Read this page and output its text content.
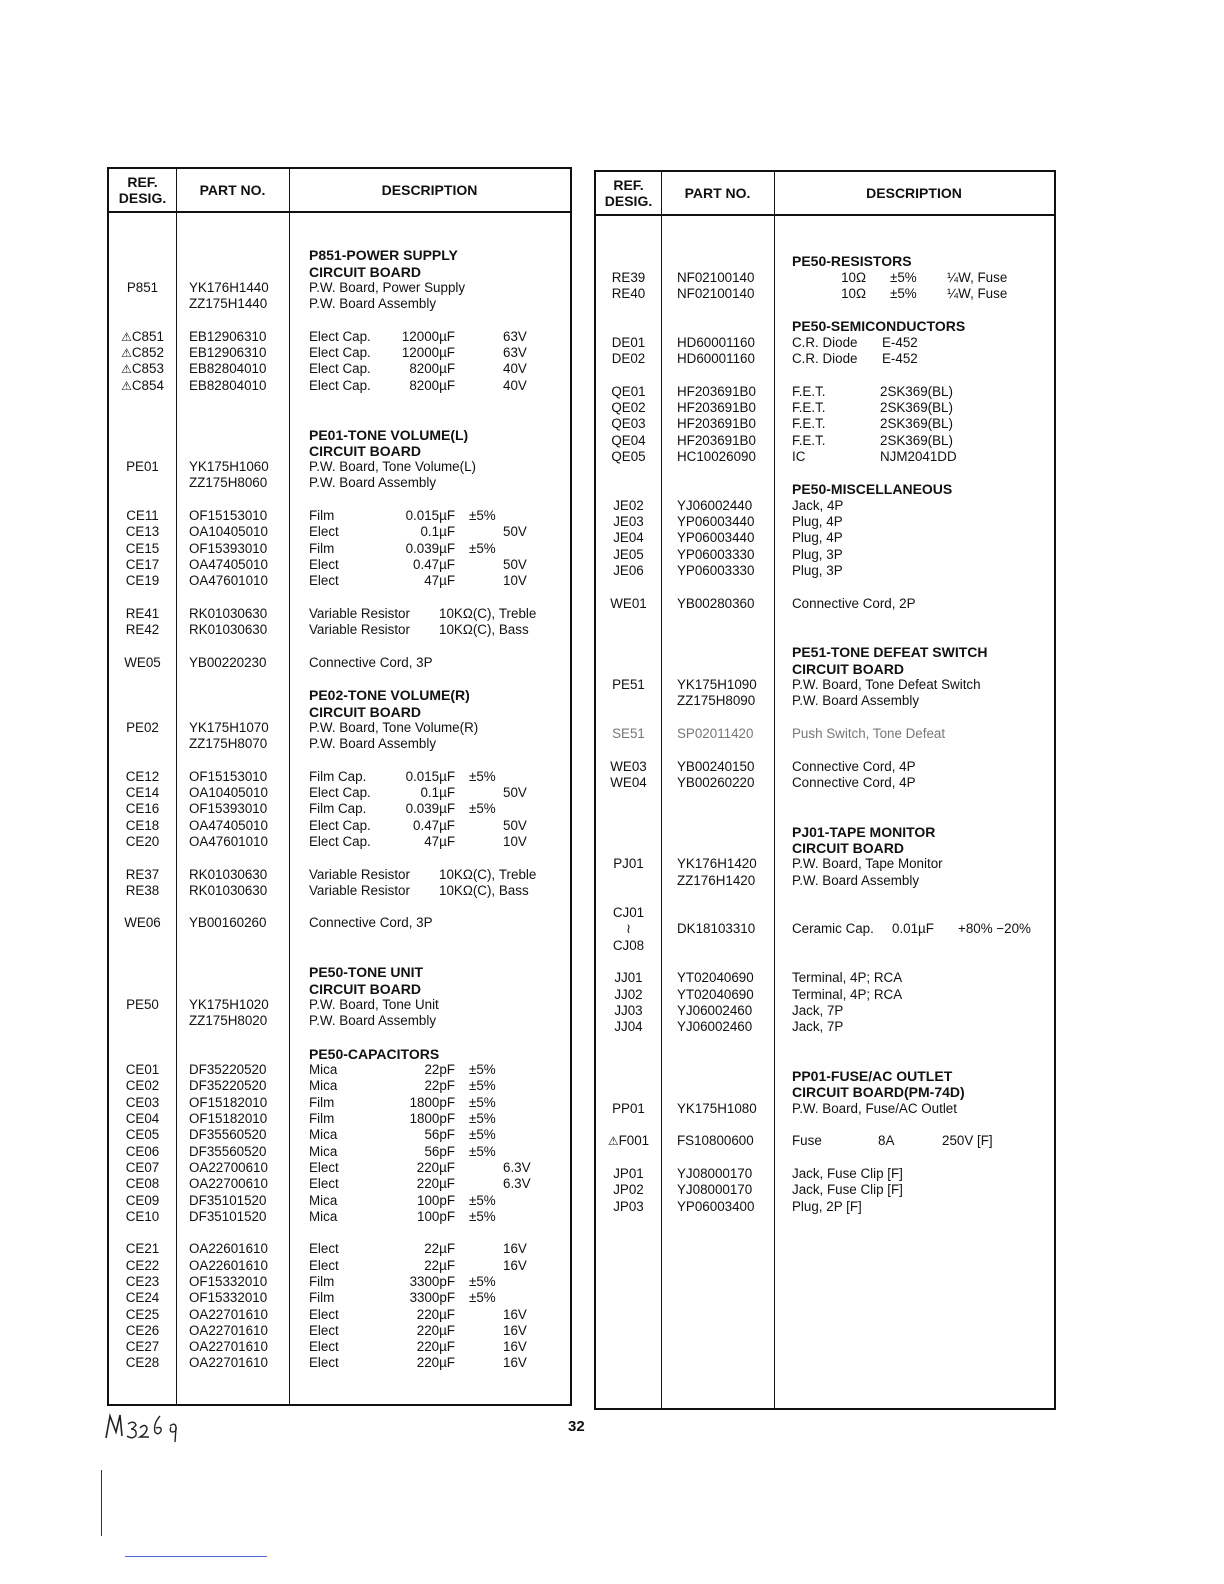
REF.
DESIG.	PART NO.	DESCRIPTION
P851-POWER SUPPLY
CIRCUIT BOARD
P851	YK176H1440	P.W. Board, Power Supply
ZZ175H1440	P.W. Board Assembly
⚠C851	EB12906310	Elect Cap.	12000µF	63V
⚠C852	EB12906310	Elect Cap.	12000µF	63V
⚠C853	EB82804010	Elect Cap.	8200µF	40V
⚠C854	EB82804010	Elect Cap.	8200µF	40V
PE01-TONE VOLUME(L)
CIRCUIT BOARD
PE01	YK175H1060	P.W. Board, Tone Volume(L)
ZZ175H8060	P.W. Board Assembly
CE11	OF15153010	Film	0.015µF ±5%
CE13	OA10405010	Elect	0.1µF	50V
CE15	OF15393010	Film	0.039µF ±5%
CE17	OA47405010	Elect	0.47µF	50V
CE19	OA47601010	Elect	47µF	10V
RE41	RK01030630	Variable Resistor 10KΩ(C), Treble
RE42	RK01030630	Variable Resistor 10KΩ(C), Bass
WE05	YB00220230	Connective Cord, 3P
PE02-TONE VOLUME(R)
CIRCUIT BOARD
PE02	YK175H1070	P.W. Board, Tone Volume(R)
ZZ175H8070	P.W. Board Assembly
CE12	OF15153010	Film Cap.	0.015µF ±5%
CE14	OA10405010	Elect Cap.	0.1µF	50V
CE16	OF15393010	Film Cap.	0.039µF ±5%
CE18	OA47405010	Elect Cap.	0.47µF	50V
CE20	OA47601010	Elect Cap.	47µF	10V
RE37	RK01030630	Variable Resistor 10KΩ(C), Treble
RE38	RK01030630	Variable Resistor 10KΩ(C), Bass
WE06	YB00160260	Connective Cord, 3P
PE50-TONE UNIT
CIRCUIT BOARD
PE50	YK175H1020	P.W. Board, Tone Unit
ZZ175H8020	P.W. Board Assembly
PE50-CAPACITORS
CE01	DF35220520	Mica	22pF ±5%
CE02	DF35220520	Mica	22pF ±5%
CE03	OF15182010	Film	1800pF ±5%
CE04	OF15182010	Film	1800pF ±5%
CE05	DF35560520	Mica	56pF ±5%
CE06	DF35560520	Mica	56pF ±5%
CE07	OA22700610	Elect	220µF	6.3V
CE08	OA22700610	Elect	220µF	6.3V
CE09	DF35101520	Mica	100pF ±5%
CE10	DF35101520	Mica	100pF ±5%
CE21	OA22601610	Elect	22µF	16V
CE22	OA22601610	Elect	22µF	16V
CE23	OF15332010	Film	3300pF ±5%
CE24	OF15332010	Film	3300pF ±5%
CE25	OA22701610	Elect	220µF	16V
CE26	OA22701610	Elect	220µF	16V
CE27	OA22701610	Elect	220µF	16V
CE28	OA22701610	Elect	220µF	16V
REF.
DESIG.	PART NO.	DESCRIPTION
PE50-RESISTORS
RE39	NF02100140	10Ω ±5% ¼W, Fuse
RE40	NF02100140	10Ω ±5% ¼W, Fuse
PE50-SEMICONDUCTORS
DE01	HD60001160	C.R. Diode E-452
DE02	HD60001160	C.R. Diode E-452
QE01	HF203691B0	F.E.T.	2SK369(BL)
QE02	HF203691B0	F.E.T.	2SK369(BL)
QE03	HF203691B0	F.E.T.	2SK369(BL)
QE04	HF203691B0	F.E.T.	2SK369(BL)
QE05	HC10026090	IC	NJM2041DD
PE50-MISCELLANEOUS
JE02	YJ06002440	Jack, 4P
JE03	YP06003440	Plug, 4P
JE04	YP06003440	Plug, 4P
JE05	YP06003330	Plug, 3P
JE06	YP06003330	Plug, 3P
WE01	YB00280360	Connective Cord, 2P
PE51-TONE DEFEAT SWITCH
CIRCUIT BOARD
PE51	YK175H1090	P.W. Board, Tone Defeat Switch
ZZ175H8090	P.W. Board Assembly
SE51	SP02011420	Push Switch, Tone Defeat
WE03	YB00240150	Connective Cord, 4P
WE04	YB00260220	Connective Cord, 4P
PJ01-TAPE MONITOR
CIRCUIT BOARD
PJ01	YK176H1420	P.W. Board, Tape Monitor
ZZ176H1420	P.W. Board Assembly
CJ01
≀	DK18103310	Ceramic Cap. 0.01µF +80% −20%
CJ08
JJ01	YT02040690	Terminal, 4P; RCA
JJ02	YT02040690	Terminal, 4P; RCA
JJ03	YJ06002460	Jack, 7P
JJ04	YJ06002460	Jack, 7P
PP01-FUSE/AC OUTLET
CIRCUIT BOARD(PM-74D)
PP01	YK175H1080	P.W. Board, Fuse/AC Outlet
⚠F001	FS10800600	Fuse	8A	250V [F]
JP01	YJ08000170	Jack, Fuse Clip [F]
JP02	YJ08000170	Jack, Fuse Clip [F]
JP03	YP06003400	Plug, 2P [F]
32
